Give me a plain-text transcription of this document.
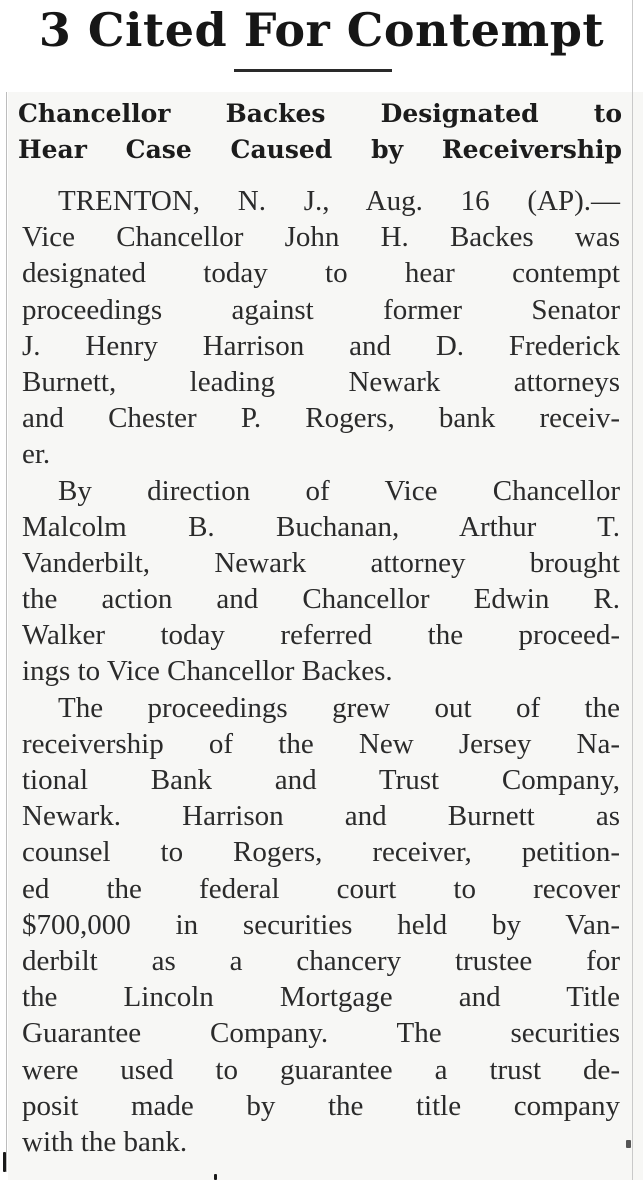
3 Cited For Contempt
Chancellor Backes Designated to
Hear Case Caused by Receivership
TRENTON, N. J., Aug. 16 (AP).—
Vice Chancellor John H. Backes was
designated today to hear contempt
proceedings against former Senator
J. Henry Harrison and D. Frederick
Burnett, leading Newark attorneys
and Chester P. Rogers, bank receiv-
er.
By direction of Vice Chancellor
Malcolm B. Buchanan, Arthur T.
Vanderbilt, Newark attorney brought
the action and Chancellor Edwin R.
Walker today referred the proceed-
ings to Vice Chancellor Backes.
The proceedings grew out of the
receivership of the New Jersey Na-
tional Bank and Trust Company,
Newark. Harrison and Burnett as
counsel to Rogers, receiver, petition-
ed the federal court to recover
$700,000 in securities held by Van-
derbilt as a chancery trustee for
the Lincoln Mortgage and Title
Guarantee Company. The securities
were used to guarantee a trust de-
posit made by the title company
with the bank.
